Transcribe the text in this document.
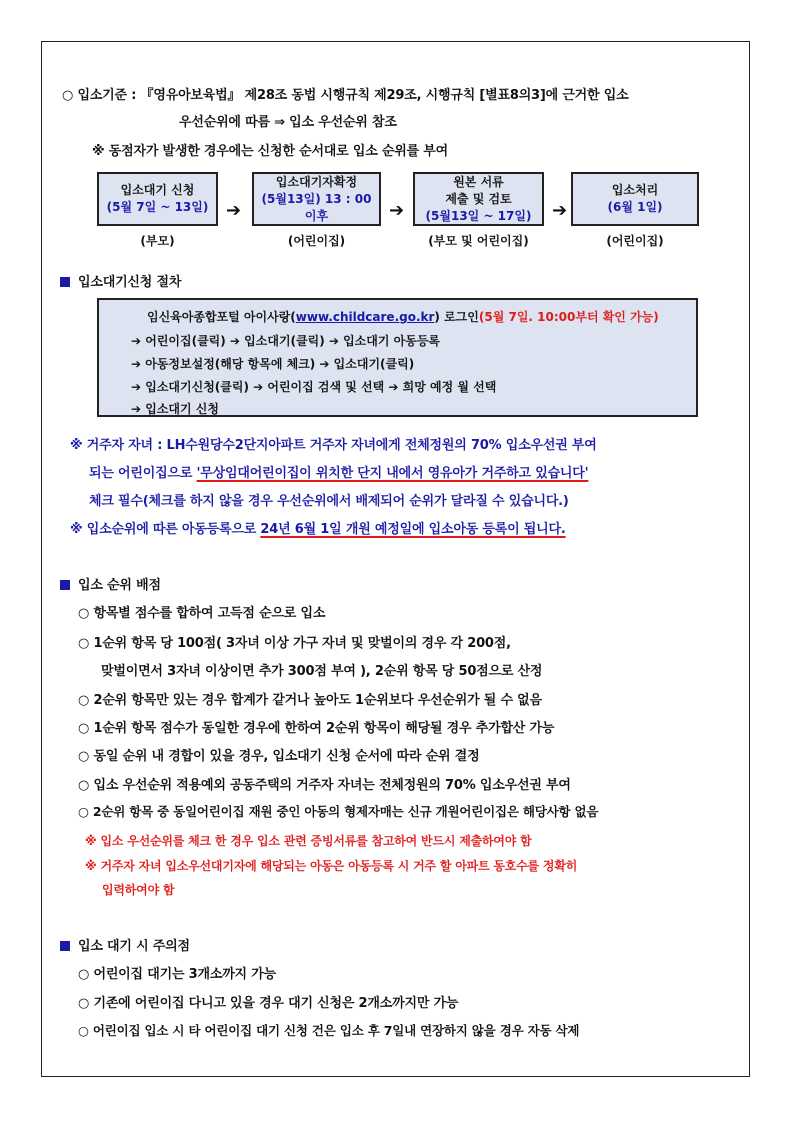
○ 입소기준 : 『영유아보육법』 제28조 동법 시행규칙 제29조, 시행규칙 [별표8의3]에 근거한 입소
우선순위에 따름 ⇒ 입소 우선순위 참조
※ 동점자가 발생한 경우에는 신청한 순서대로 입소 순위를 부여
입소대기 신청
(5월 7일 ~ 13일) ➔
입소대기자확정
(5월13일) 13 : 00 이후	➔
원본 서류
제출 및 검토
(5월13일 ~ 17일)	➔
입소처리
(6월 1일)
(부모)	(어린이집)	(부모 및 어린이집)	(어린이집)
입소대기신청 절차
임신육아종합포털 아이사랑(www.childcare.go.kr) 로그인(5월 7일. 10:00부터 확인 가능)
➔ 어린이집(클릭) ➔ 입소대기(클릭) ➔ 입소대기 아동등록
➔ 아동정보설정(해당 항목에 체크) ➔ 입소대기(클릭)
➔ 입소대기신청(클릭) ➔ 어린이집 검색 및 선택 ➔ 희망 예정 월 선택
➔ 입소대기 신청
※ 거주자 자녀 : LH수원당수2단지아파트 거주자 자녀에게 전체정원의 70% 입소우선권 부여
되는 어린이집으로 '무상임대어린이집이 위치한 단지 내에서 영유아가 거주하고 있습니다'
체크 필수(체크를 하지 않을 경우 우선순위에서 배제되어 순위가 달라질 수 있습니다.)
※ 입소순위에 따른 아동등록으로 24년 6월 1일 개원 예정일에 입소아동 등록이 됩니다.
입소 순위 배점
○ 항목별 점수를 합하여 고득점 순으로 입소
○ 1순위 항목 당 100점( 3자녀 이상 가구 자녀 및 맞벌이의 경우 각 200점,
맞벌이면서 3자녀 이상이면 추가 300점 부여 ), 2순위 항목 당 50점으로 산정
○ 2순위 항목만 있는 경우 합계가 같거나 높아도 1순위보다 우선순위가 될 수 없음
○ 1순위 항목 점수가 동일한 경우에 한하여 2순위 항목이 해당될 경우 추가합산 가능
○ 동일 순위 내 경합이 있을 경우, 입소대기 신청 순서에 따라 순위 결정
○ 입소 우선순위 적용예외 공동주택의 거주자 자녀는 전체정원의 70% 입소우선권 부여
○ 2순위 항목 중 동일어린이집 재원 중인 아동의 형제자매는 신규 개원어린이집은 해당사항 없음
※ 입소 우선순위를 체크 한 경우 입소 관련 증빙서류를 참고하여 반드시 제출하여야 함
※ 거주자 자녀 입소우선대기자에 해당되는 아동은 아동등록 시 거주 할 아파트 동호수를 정확히
입력하여야 함
입소 대기 시 주의점
○ 어린이집 대기는 3개소까지 가능
○ 기존에 어린이집 다니고 있을 경우 대기 신청은 2개소까지만 가능
○ 어린이집 입소 시 타 어린이집 대기 신청 건은 입소 후 7일내 연장하지 않을 경우 자동 삭제
